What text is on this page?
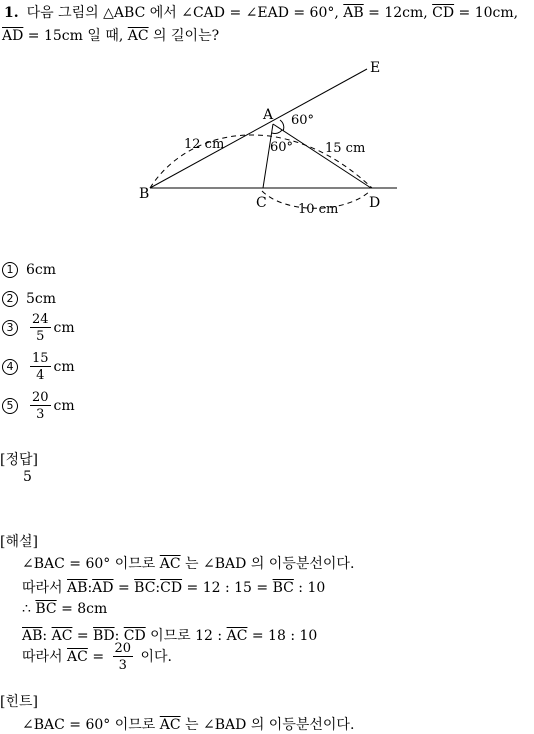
1. 다음 그림의 △ABC 에서 ∠CAD = ∠EAD = 60°, $\overline{AB} = 12cm$, $\overline{CD} = 10cm$,
$\overline{AD} = 15cm$ 일 때, $\overline{AC}$ 의 길이는?
E
A
B
C	D
60°
60°
12 cm	15 cm
10 cm
1 6cm
2 5cm
$3 \frac{24}{5}$ cm
$4 \frac{15}{4}$ cm
$5 \frac{20}{3}$ cm
[정답]
5
[해설]
∠BAC = 60° 이므로 $\overline{AC}$ 는 ∠BAD 의 이등분선이다.
따라서 $\overline{AB}:\overline{AD}$ = $\overline{BC}:\overline{CD} = 12$ : $15 = \overline{BC}$ : 10
∴ $\overline{BC} = 8cm$
$\overline{AB}$: $\overline{AC} = \overline{BD}$: $\overline{CD}$ 이므로 12 : $\overline{AC} = 18$ : 10
따라서 $\overline{AC} = \frac{20}{3}$ 이다.
[힌트]
∠BAC = 60° 이므로 $\overline{AC}$ 는 ∠BAD 의 이등분선이다.
